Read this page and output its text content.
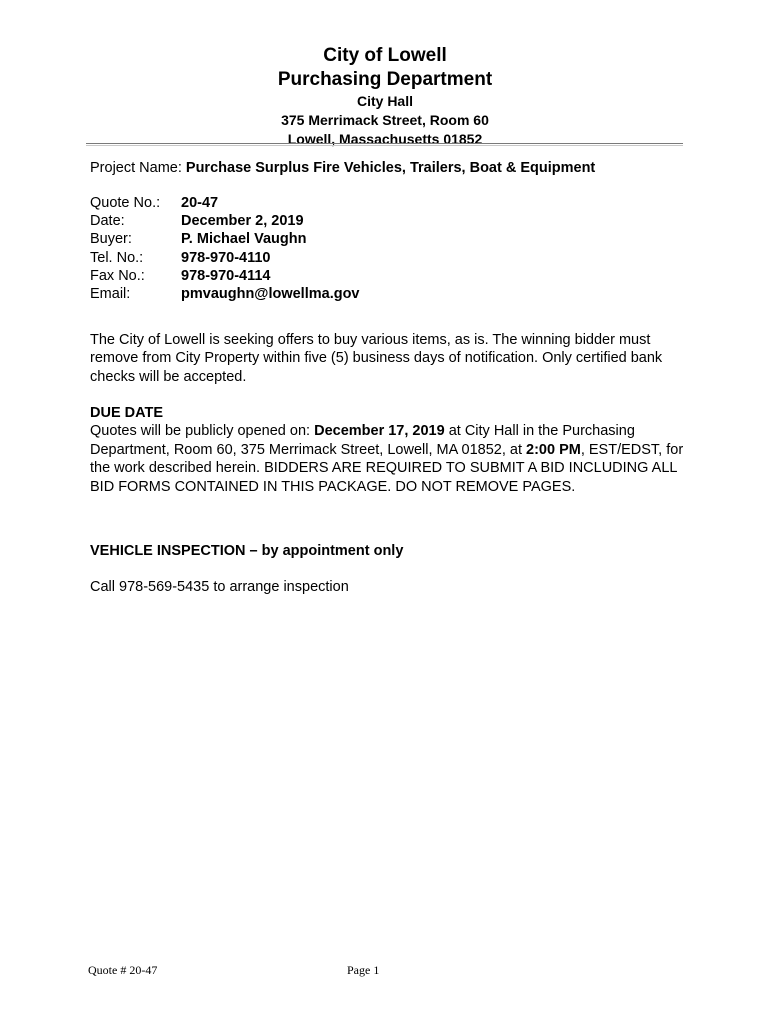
City of Lowell
Purchasing Department
City Hall
375 Merrimack Street, Room 60
Lowell, Massachusetts 01852
Project Name: Purchase Surplus Fire Vehicles, Trailers, Boat & Equipment
Quote No.:	20-47
Date:	December 2, 2019
Buyer:	P. Michael Vaughn
Tel. No.:	978-970-4110
Fax No.:	978-970-4114
Email:	pmvaughn@lowellma.gov
The City of Lowell is seeking offers to buy various items, as is. The winning bidder must remove from City Property within five (5) business days of notification. Only certified bank checks will be accepted.
DUE DATE
Quotes will be publicly opened on: December 17, 2019 at City Hall in the Purchasing Department, Room 60, 375 Merrimack Street, Lowell, MA 01852, at 2:00 PM, EST/EDST, for the work described herein. BIDDERS ARE REQUIRED TO SUBMIT A BID INCLUDING ALL BID FORMS CONTAINED IN THIS PACKAGE. DO NOT REMOVE PAGES.
VEHICLE INSPECTION – by appointment only
Call 978-569-5435 to arrange inspection
Quote # 20-47	Page 1
